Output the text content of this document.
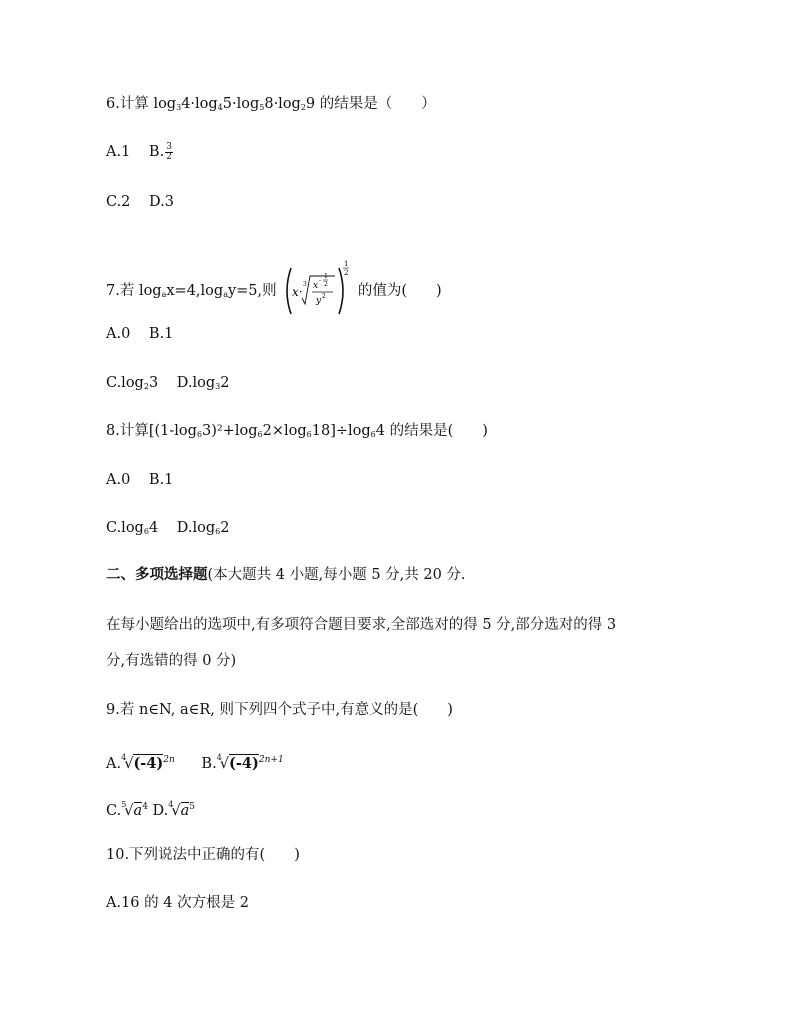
6.计算 $\log_34\cdot\log_45\cdot\log_58\cdot\log_29$ 的结果是（　　）
A.1 B. $\frac{3}{2}$
C.2 D.3
7.若 $\log_ax=4,\log_ay=5$,则 x·
3 x
-
1
2
y 2
1
2
的值为(　　)
A.0 B.1
$C.\log_23$ $D.\log_32$
8.计算$[(1-\log_63)^2+\log_62\times\log_618]\div\log_64$ 的结果是(　　)
A.0 B.1
$C.\log_64$ $D.\log_62$
二、多项选择题(本大题共 4 小题,每小题 5 分,共 20 分.
在每小题给出的选项中,有多项符合题目要求,全部选对的得 5 分,部分选对的得 3
分,有选错的得 0 分)
9.若 n∈N, a∈R, 则下列四个式子中,有意义的是(　　)
$A.^4√(-4)^{2n}$ $B.^4√(-4)^{2n+1}$
$C.^5√a^4$ $D.^4√a^5$
10.下列说法中正确的有(　　)
A.16 的 4 次方根是 2
